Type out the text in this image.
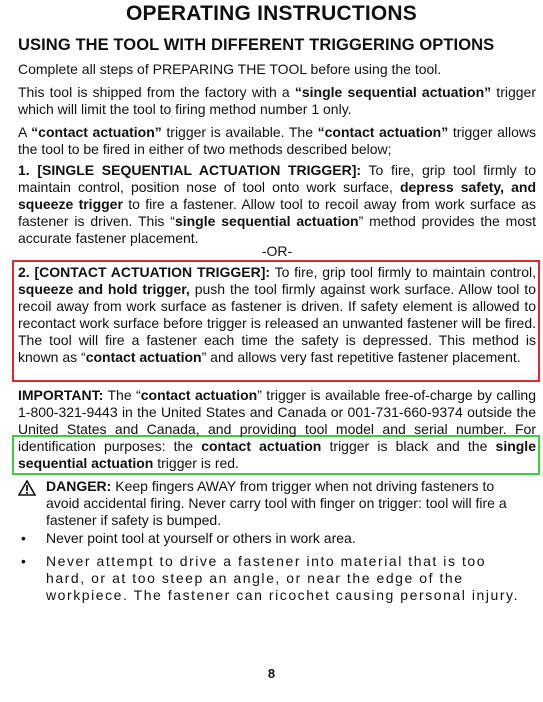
OPERATING INSTRUCTIONS
USING THE TOOL WITH DIFFERENT TRIGGERING OPTIONS

Complete all steps of PREPARING THE TOOL before using the tool.

This tool is shipped from the factory with a “single sequential actuation” trigger which will limit the tool to firing method number 1 only.

A “contact actuation” trigger is available. The “contact actuation” trigger allows the tool to be fired in either of two methods described below;

1. [SINGLE SEQUENTIAL ACTUATION TRIGGER]: To fire, grip tool firmly to maintain control, position nose of tool onto work surface, depress safety, and squeeze trigger to fire a fastener. Allow tool to recoil away from work surface as fastener is driven. This “single sequential actuation” method provides the most accurate fastener placement.

-OR-

2. [CONTACT ACTUATION TRIGGER]: To fire, grip tool firmly to maintain control, squeeze and hold trigger, push the tool firmly against work surface. Allow tool to recoil away from work surface as fastener is driven. If safety element is allowed to recontact work surface before trigger is released an unwanted fastener will be fired. The tool will fire a fastener each time the safety is depressed. This method is known as “contact actuation” and allows very fast repetitive fastener placement.

IMPORTANT: The “contact actuation” trigger is available free-of-charge by calling 1-800-321-9443 in the United States and Canada or 001-731-660-9374 outside the United States and Canada, and providing tool model and serial number. For identification purposes: the contact actuation trigger is black and the single sequential actuation trigger is red.

DANGER: Keep fingers AWAY from trigger when not driving fasteners to avoid accidental firing. Never carry tool with finger on trigger: tool will fire a fastener if safety is bumped.

• Never point tool at yourself or others in work area.

• Never attempt to drive a fastener into material that is too hard, or at too steep an angle, or near the edge of the workpiece. The fastener can ricochet causing personal injury.

8
